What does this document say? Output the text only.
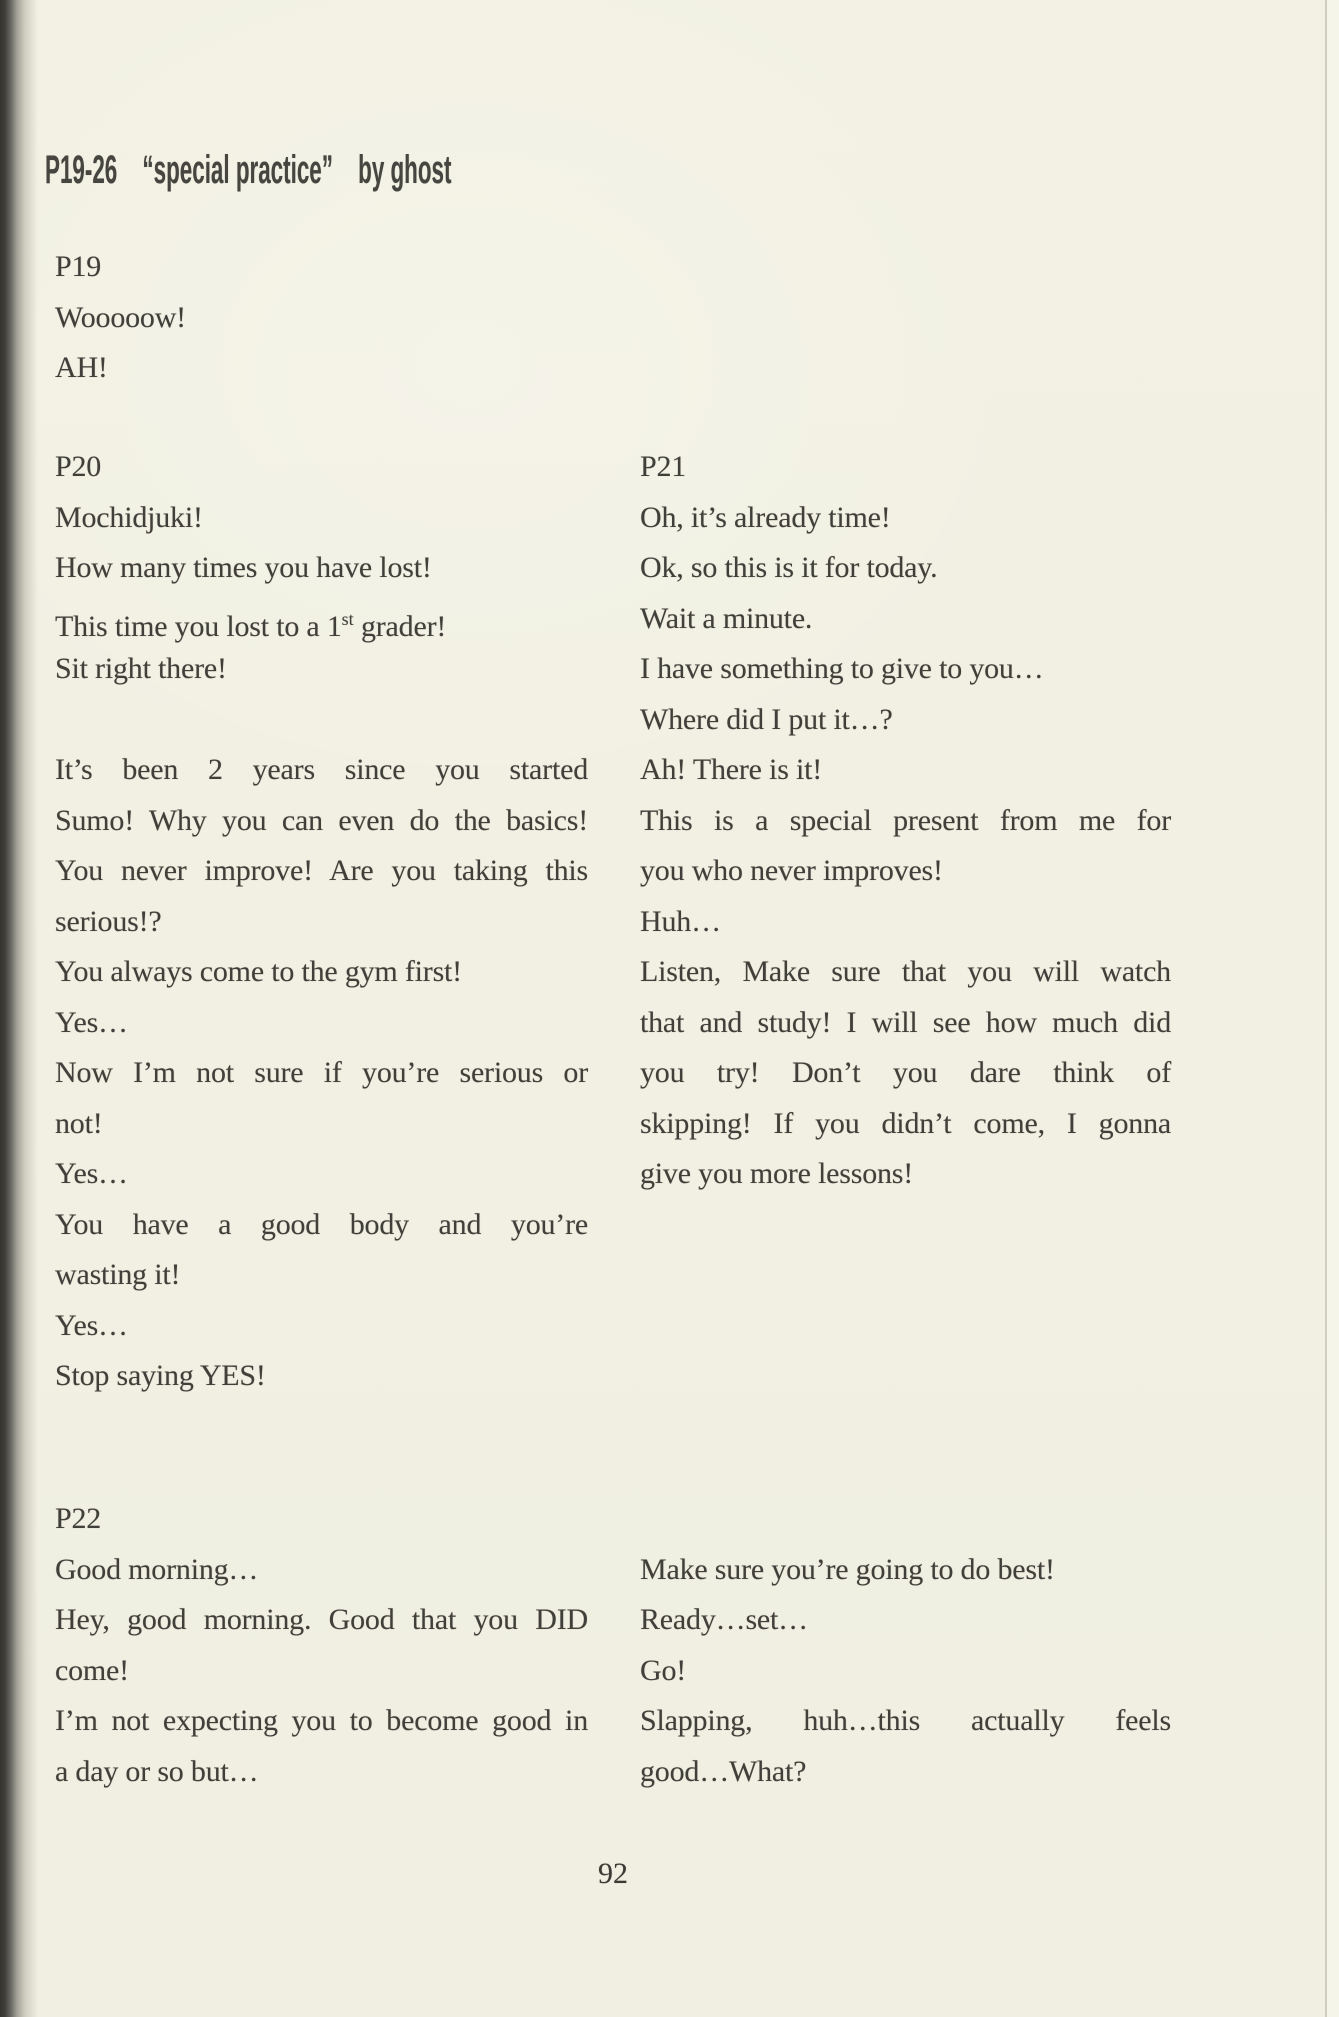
P19-26 “special practice” by ghost
P19
Wooooow!
AH!
P20
Mochidjuki!
How many times you have lost!
This time you lost to a 1st grader!
Sit right there!
It’s been 2 years since you started
Sumo! Why you can even do the basics!
You never improve! Are you taking this
serious!?
You always come to the gym first!
Yes…
Now I’m not sure if you’re serious or
not!
Yes…
You have a good body and you’re
wasting it!
Yes…
Stop saying YES!
P21
Oh, it’s already time!
Ok, so this is it for today.
Wait a minute.
I have something to give to you…
Where did I put it…?
Ah! There is it!
This is a special present from me for
you who never improves!
Huh…
Listen, Make sure that you will watch
that and study! I will see how much did
you try! Don’t you dare think of
skipping! If you didn’t come, I gonna
give you more lessons!
P22
Good morning…
Hey, good morning. Good that you DID
come!
I’m not expecting you to become good in
a day or so but…
Make sure you’re going to do best!
Ready…set…
Go!
Slapping, huh…this actually feels
good…What?
92
